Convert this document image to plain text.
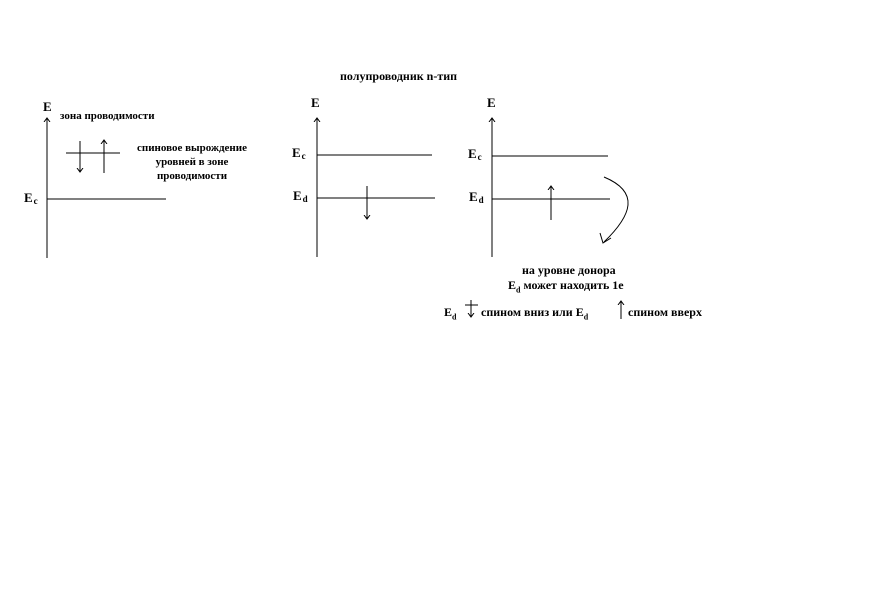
полупроводник n-тип
E
зона проводимости
$E_c$
спиновое вырождение
уровней в зоне
проводимости
E
$E_c$
$E_d$
E
$E_c$
$E_d$
на уровне донора
$E_d$ может находить 1е
$E_d$ спином вниз или $E_d$	спином вверх
